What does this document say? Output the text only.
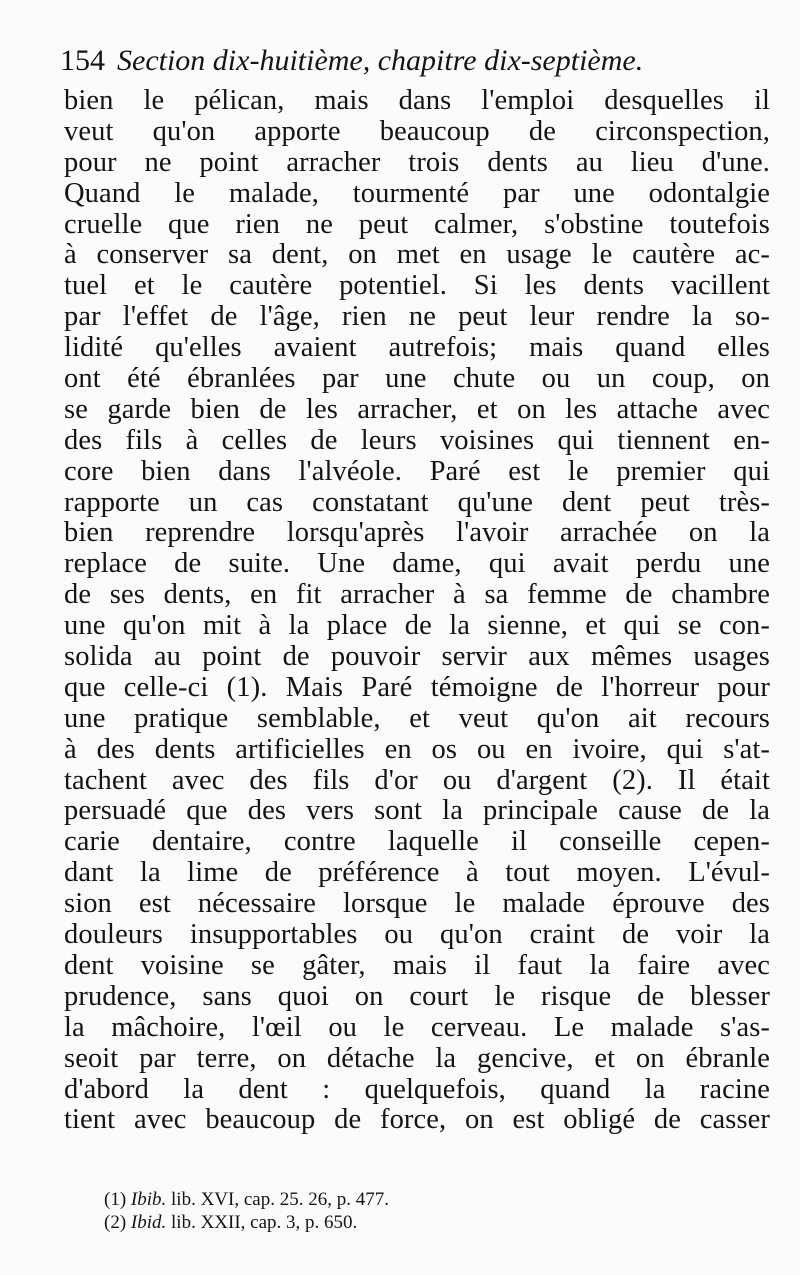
154 Section dix-huitième, chapitre dix-septième.
bien le pélican, mais dans l'emploi desquelles il
veut qu'on apporte beaucoup de circonspection,
pour ne point arracher trois dents au lieu d'une.
Quand le malade, tourmenté par une odontalgie
cruelle que rien ne peut calmer, s'obstine toutefois
à conserver sa dent, on met en usage le cautère ac-
tuel et le cautère potentiel. Si les dents vacillent
par l'effet de l'âge, rien ne peut leur rendre la so-
lidité qu'elles avaient autrefois; mais quand elles
ont été ébranlées par une chute ou un coup, on
se garde bien de les arracher, et on les attache avec
des fils à celles de leurs voisines qui tiennent en-
core bien dans l'alvéole. Paré est le premier qui
rapporte un cas constatant qu'une dent peut très-
bien reprendre lorsqu'après l'avoir arrachée on la
replace de suite. Une dame, qui avait perdu une
de ses dents, en fit arracher à sa femme de chambre
une qu'on mit à la place de la sienne, et qui se con-
solida au point de pouvoir servir aux mêmes usages
que celle-ci (1). Mais Paré témoigne de l'horreur pour
une pratique semblable, et veut qu'on ait recours
à des dents artificielles en os ou en ivoire, qui s'at-
tachent avec des fils d'or ou d'argent (2). Il était
persuadé que des vers sont la principale cause de la
carie dentaire, contre laquelle il conseille cepen-
dant la lime de préférence à tout moyen. L'évul-
sion est nécessaire lorsque le malade éprouve des
douleurs insupportables ou qu'on craint de voir la
dent voisine se gâter, mais il faut la faire avec
prudence, sans quoi on court le risque de blesser
la mâchoire, l'œil ou le cerveau. Le malade s'as-
seoit par terre, on détache la gencive, et on ébranle
d'abord la dent : quelquefois, quand la racine
tient avec beaucoup de force, on est obligé de casser
(1) Ibib. lib. XVI, cap. 25. 26, p. 477.
(2) Ibid. lib. XXII, cap. 3, p. 650.
